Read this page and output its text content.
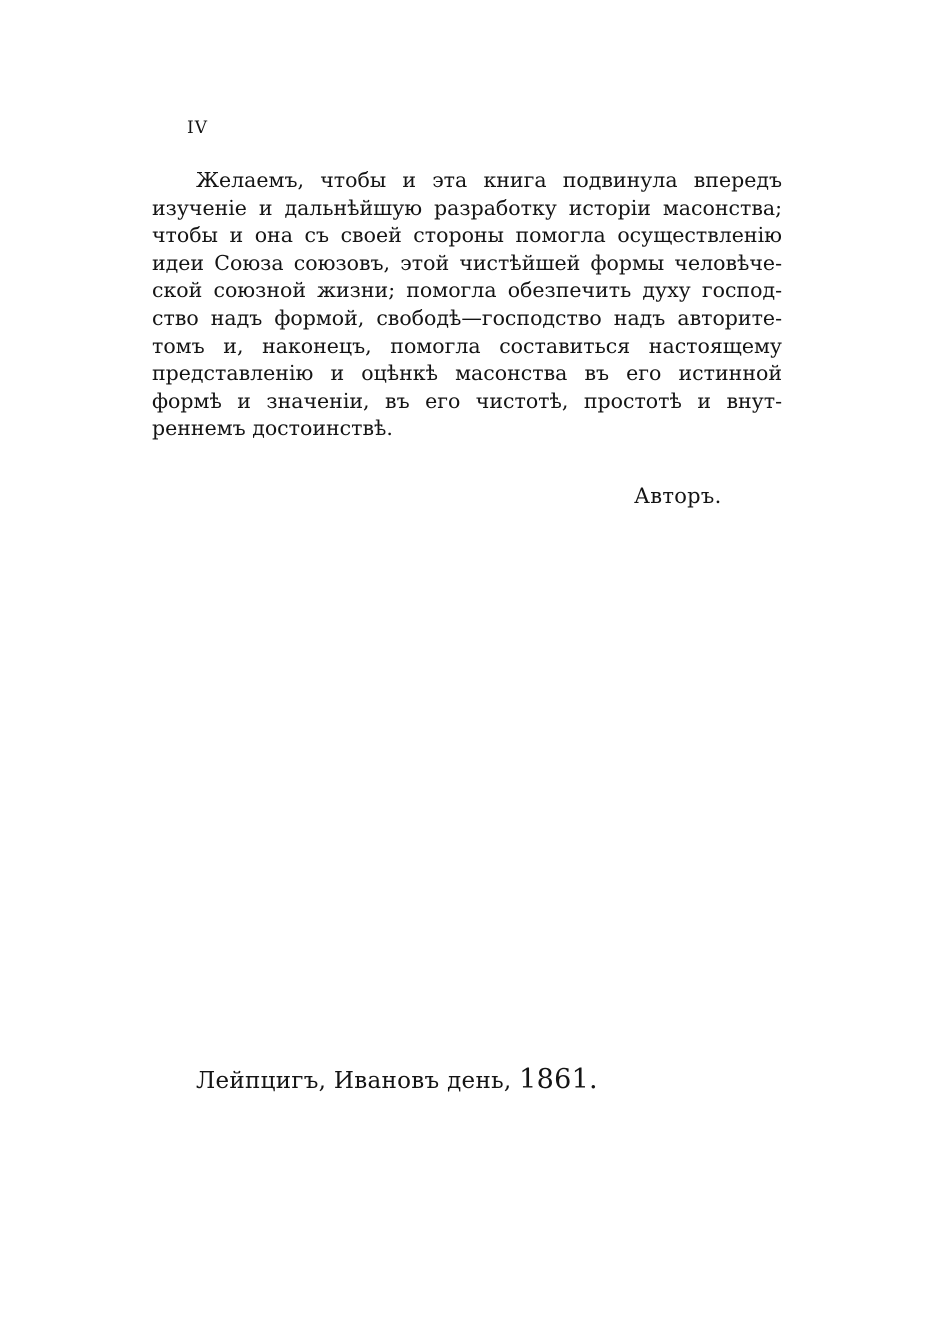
IV
Желаемъ, чтобы и эта книга подвинула впередъ
изученіе и дальнѣйшую разработку исторіи масонства;
чтобы и она съ своей стороны помогла осуществленію
идеи Союза союзовъ, этой чистѣйшей формы человѣче-
ской союзной жизни; помогла обезпечить духу господ-
ство надъ формой, свободѣ—господство надъ авторите-
томъ и, наконецъ, помогла составиться настоящему
представленію и оцѣнкѣ масонства въ его истинной
формѣ и значеніи, въ его чистотѣ, простотѣ и внут-
реннемъ достоинствѣ.
Авторъ.
Лейпцигъ, Ивановъ день, 1861.
